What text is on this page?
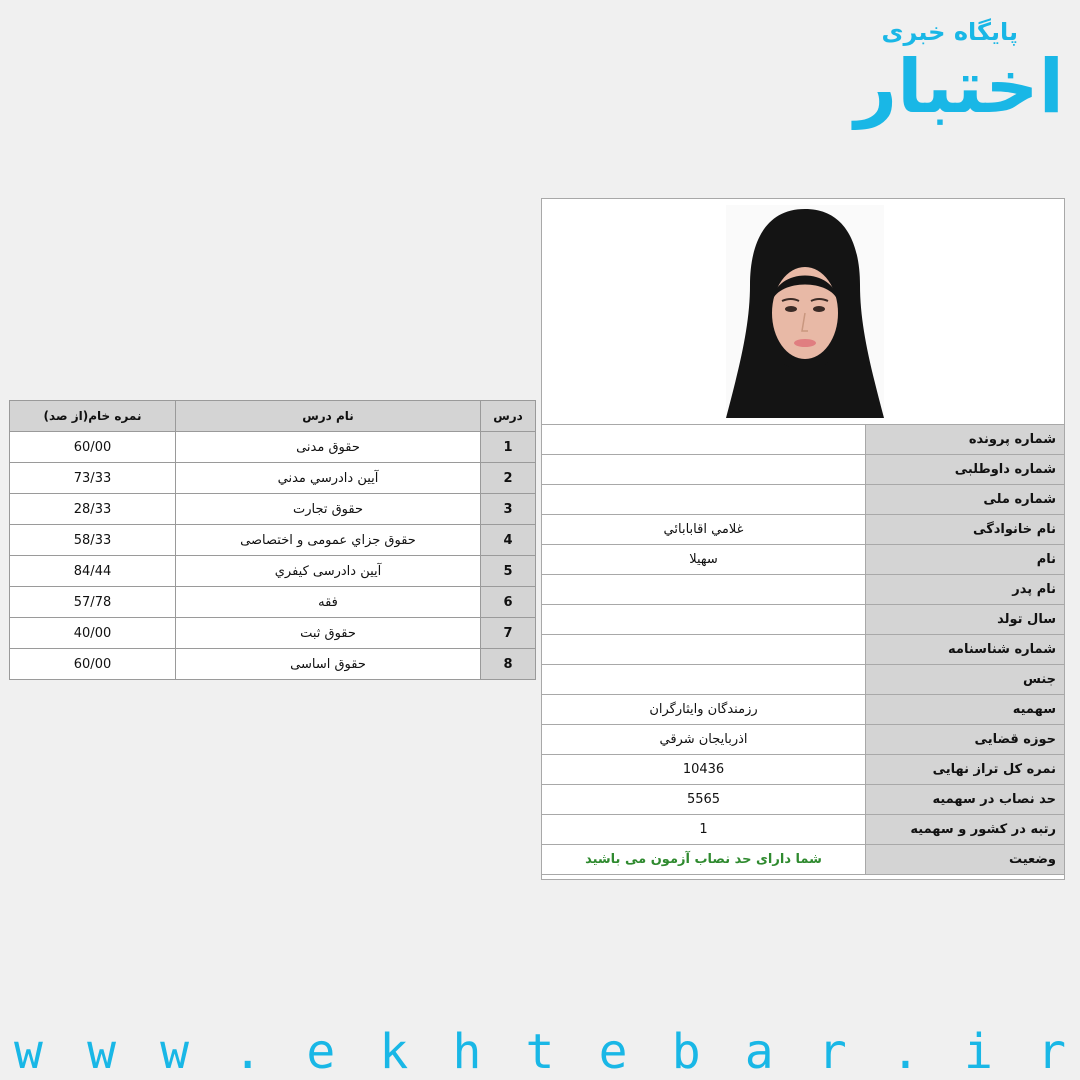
پایگاه خبری
اختبار
درس	نام درس	نمره خام(از صد)
1	حقوق مدنی	60/00
2	آیین دادرسي مدني	73/33
3	حقوق تجارت	28/33
4	حقوق جزاي عمومی و اختصاصی	58/33
5	آیین دادرسی کیفري	84/44
6	فقه	57/78
7	حقوق ثبت	40/00
8	حقوق اساسی	60/00
شماره پرونده	
شماره داوطلبی	
شماره ملی	
نام خانوادگی	غلامي اقابابائي
نام	سهیلا
نام پدر	
سال تولد	
شماره شناسنامه	
جنس	
سهمیه	رزمندگان وایثارگران
حوزه قضایی	اذربايجان شرقي
نمره کل تراز نهایی	10436
حد نصاب در سهمیه	5565
رتبه در کشور و سهمیه	1
وضعیت	شما دارای حد نصاب آزمون می باشید
w w w . e k h t e b a r . i r
